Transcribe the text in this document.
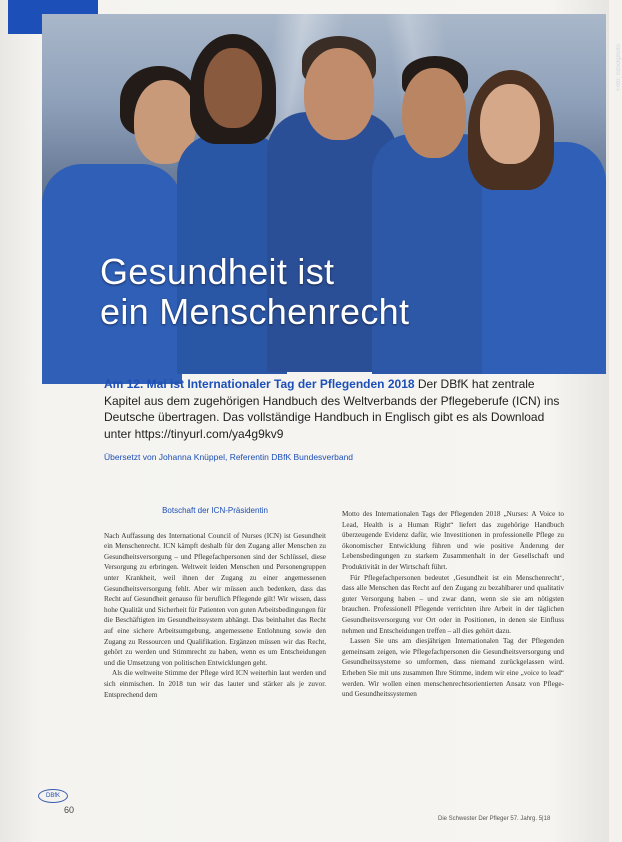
Foto: iStockphoto
Gesundheit ist
ein Menschenrecht
Am 12. Mai ist Internationaler Tag der Pflegenden 2018 Der DBfK hat zentrale Kapitel aus dem zugehörigen Handbuch des Weltverbands der Pflegeberufe (ICN) ins Deutsche übertragen. Das vollständige Handbuch in Englisch gibt es als Download unter https://tinyurl.com/ya4g9kv9
Übersetzt von Johanna Knüppel, Referentin DBfK Bundesverband
Botschaft der ICN-Präsidentin

Nach Auffassung des International Council of Nurses (ICN) ist Gesundheit ein Menschenrecht. ICN kämpft deshalb für den Zugang aller Menschen zu Gesundheitsversorgung – und Pflegefachpersonen sind der Schlüssel, diese Versorgung zu erbringen. Weltweit leiden Menschen und Personengruppen unter Krankheit, weil ihnen der Zugang zu einer angemessenen Gesundheitsversorgung fehlt. Aber wir müssen auch bedenken, dass das Recht auf Gesundheit genauso für beruflich Pflegende gilt! Wir wissen, dass hohe Qualität und Sicherheit für Patienten von guten Arbeitsbedingungen für die Beschäftigten im Gesundheitssystem abhängt. Das beinhaltet das Recht auf eine sichere Arbeitsumgebung, angemessene Entlohnung sowie den Zugang zu Ressourcen und Qualifikation. Ergänzen müssen wir das Recht, gehört zu werden und Stimmrecht zu haben, wenn es um Entscheidungen und die Umsetzung von politischen Entwicklungen geht.

Als die weltweite Stimme der Pflege wird ICN weiterhin laut werden und sich einmischen. In 2018 tun wir das lauter und stärker als je zuvor. Entsprechend dem

Motto des Internationalen Tags der Pflegenden 2018 „Nurses: A Voice to Lead, Health is a Human Right“ liefert das zugehörige Handbuch überzeugende Evidenz dafür, wie Investitionen in professionelle Pflege zu ökonomischer Entwicklung führen und wie positive Änderung der Lebensbedingungen zu starkem Zusammenhalt in der Gesellschaft und Produktivität in der Wirtschaft führt.

Für Pflegefachpersonen bedeutet ‚Gesundheit ist ein Menschenrecht‘, dass alle Menschen das Recht auf den Zugang zu bezahlbarer und qualitativ guter Versorgung haben – und zwar dann, wenn sie sie am nötigsten brauchen. Professionell Pflegende verrichten ihre Arbeit in der täglichen Gesundheitsversorgung vor Ort oder in Positionen, in denen sie Einfluss nehmen und Entscheidungen treffen – all dies gehört dazu.

Lassen Sie uns am diesjährigen Internationalen Tag der Pflegenden gemeinsam zeigen, wie Pflegefachpersonen die Gesundheitsversorgung und Gesundheitssysteme so umformen, dass niemand zurückgelassen wird. Erheben Sie mit uns zusammen Ihre Stimme, indem wir eine „voice to lead“ werden. Wir wollen einen menschenrechtsorientierten Ansatz von Pflege- und Gesundheitssystemen

DBfK
60
Die Schwester Der Pfleger 57. Jahrg. 5|18
